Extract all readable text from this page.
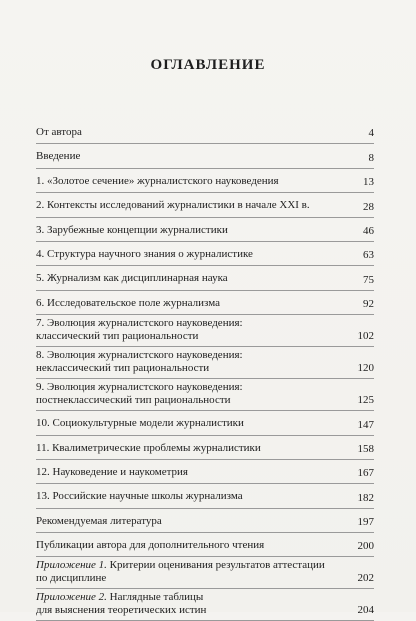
ОГЛАВЛЕНИЕ
От автора	4
Введение	8
1. «Золотое сечение» журналистского науковедения	13
2. Контексты исследований журналистики в начале XXI в.	28
3. Зарубежные концепции журналистики	46
4. Структура научного знания о журналистике	63
5. Журнализм как дисциплинарная наука	75
6. Исследовательское поле журнализма	92
7. Эволюция журналистского науковедения:
классический тип рациональности	102
8. Эволюция журналистского науковедения:
неклассический тип рациональности	120
9. Эволюция журналистского науковедения:
постнеклассический тип рациональности	125
10. Социокультурные модели журналистики	147
11. Квалиметрические проблемы журналистики	158
12. Науковедение и наукометрия	167
13. Российские научные школы журнализма	182
Рекомендуемая литература	197
Публикации автора для дополнительного чтения	200
Приложение 1. Критерии оценивания результатов аттестации
по дисциплине	202
Приложение 2. Наглядные таблицы
для выяснения теоретических истин	204
